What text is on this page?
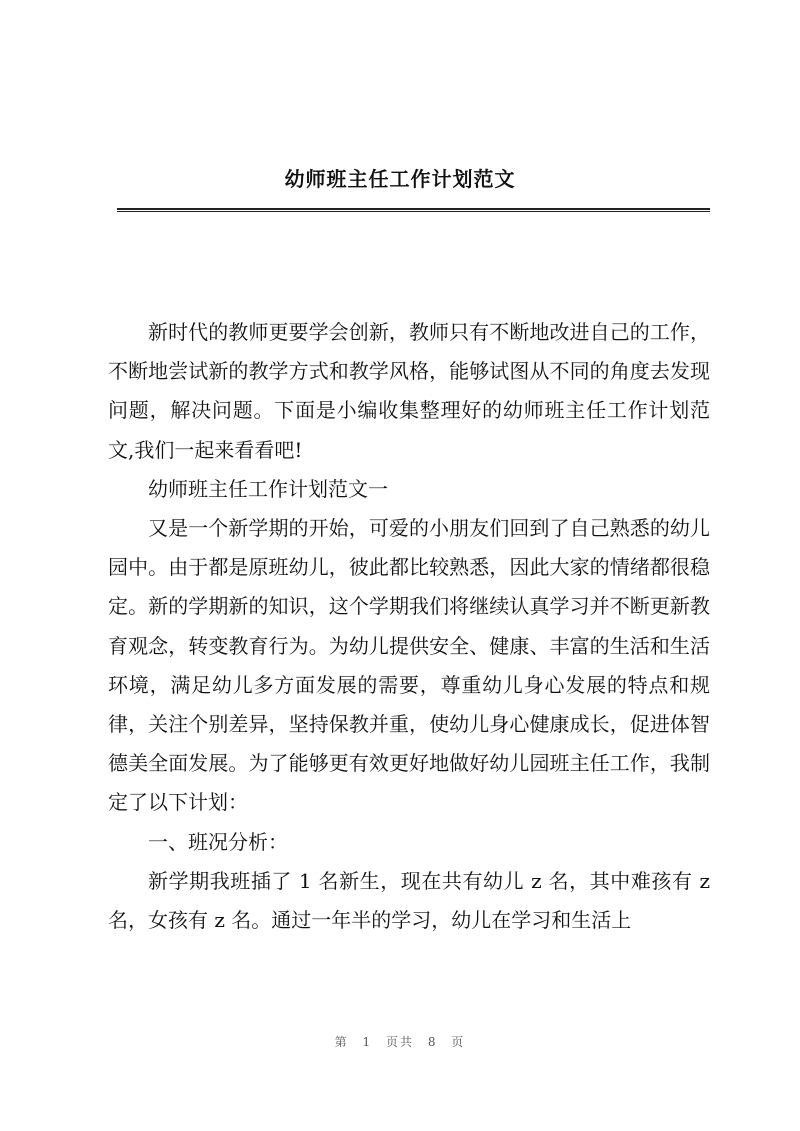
幼师班主任工作计划范文

新时代的教师更要学会创新，教师只有不断地改进自己的工作，不断地尝试新的教学方式和教学风格，能够试图从不同的角度去发现问题，解决问题。下面是小编收集整理好的幼师班主任工作计划范文,我们一起来看看吧!

幼师班主任工作计划范文一

又是一个新学期的开始，可爱的小朋友们回到了自己熟悉的幼儿园中。由于都是原班幼儿，彼此都比较熟悉，因此大家的情绪都很稳定。新的学期新的知识，这个学期我们将继续认真学习并不断更新教育观念，转变教育行为。为幼儿提供安全、健康、丰富的生活和生活环境，满足幼儿多方面发展的需要，尊重幼儿身心发展的特点和规律，关注个别差异，坚持保教并重，使幼儿身心健康成长，促进体智德美全面发展。为了能够更有效更好地做好幼儿园班主任工作，我制定了以下计划：

一、班况分析：

新学期我班插了 1 名新生，现在共有幼儿 z 名，其中难孩有 z 名，女孩有 z 名。通过一年半的学习，幼儿在学习和生活上

第 1 页共 8 页
